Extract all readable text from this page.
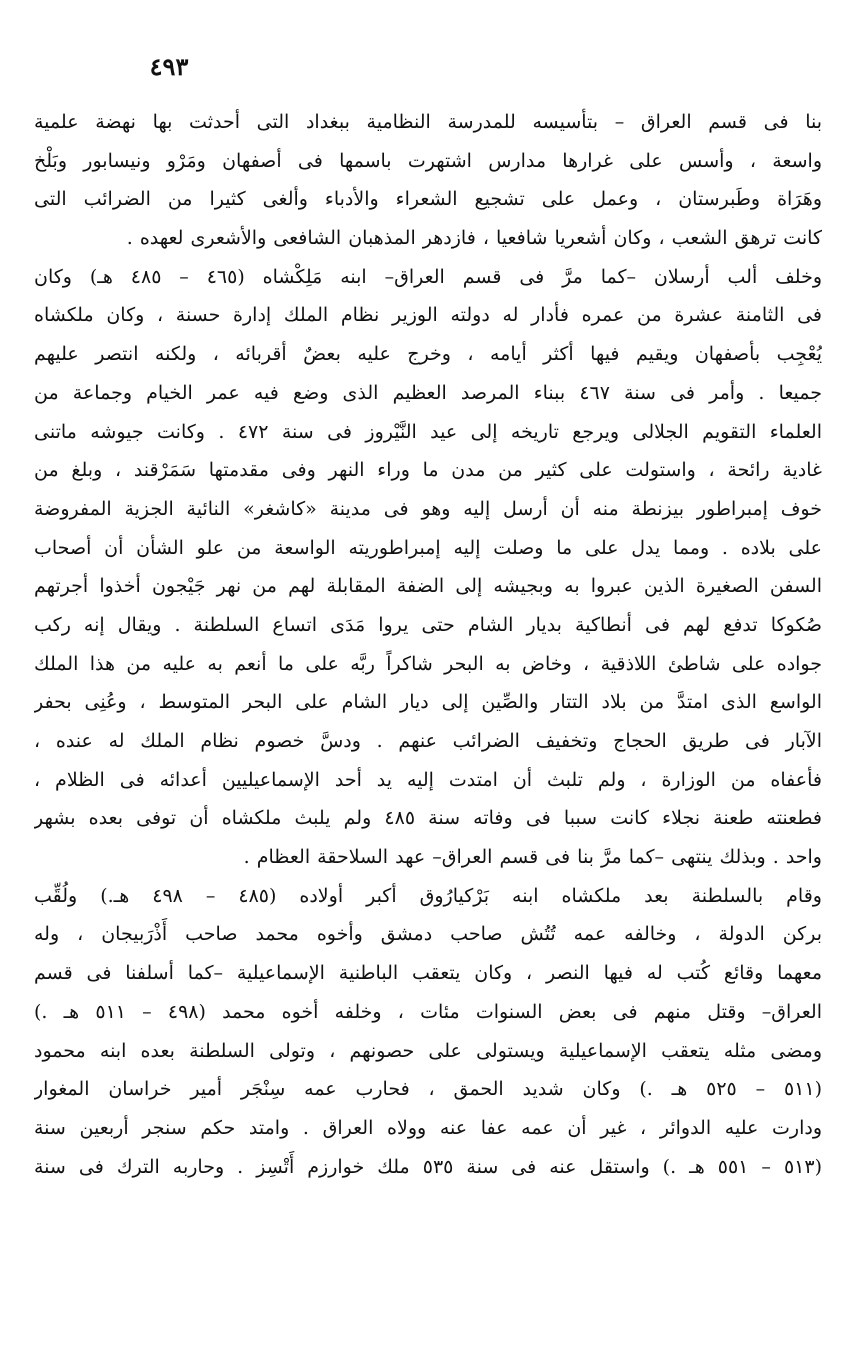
٤٩٣
بنا فى قسم العراق – بتأسيسه للمدرسة النظامية ببغداد التى أحدثت بها نهضة علمية
واسعة ، وأسس على غرارها مدارس اشتهرت باسمها فى أصفهان ومَرْو ونيسابور وبَلْخ
وهَرَاة وطَبرستان ، وعمل على تشجيع الشعراء والأدباء وألغى كثيرا من الضرائب التى
كانت ترهق الشعب ، وكان أشعريا شافعيا ، فازدهر المذهبان الشافعى والأشعرى لعهده .
وخلف ألب أرسلان –كما مرَّ فى قسم العراق– ابنه مَلِكْشاه (٤٦٥ – ٤٨٥ هـ) وكان
فى الثامنة عشرة من عمره فأدار له دولته الوزير نظام الملك إدارة حسنة ، وكان ملكشاه
يُعْجِب بأصفهان ويقيم فيها أكثر أيامه ، وخرج عليه بعضٌ أقربائه ، ولكنه انتصر عليهم
جميعا . وأمر فى سنة ٤٦٧ ببناء المرصد العظيم الذى وضع فيه عمر الخيام وجماعة من
العلماء التقويم الجلالى ويرجع تاريخه إلى عيد النَّيْروز فى سنة ٤٧٢ . وكانت جيوشه ماتنى
غادية رائحة ، واستولت على كثير من مدن ما وراء النهر وفى مقدمتها سَمَرْقند ، وبلغ من
خوف إمبراطور بيزنطة منه أن أرسل إليه وهو فى مدينة «كاشغر» النائية الجزية المفروضة
على بلاده . ومما يدل على ما وصلت إليه إمبراطوريته الواسعة من علو الشأن أن أصحاب
السفن الصغيرة الذين عبروا به وبجيشه إلى الضفة المقابلة لهم من نهر جَيْجون أخذوا أجرتهم
صُكوكا تدفع لهم فى أنطاكية بديار الشام حتى يروا مَدَى اتساع السلطنة . ويقال إنه ركب
جواده على شاطئ اللاذقية ، وخاض به البحر شاكراً ربَّه على ما أنعم به عليه من هذا الملك
الواسع الذى امتدَّ من بلاد التتار والصِّين إلى ديار الشام على البحر المتوسط ، وعُنِى بحفر
الآبار فى طريق الحجاج وتخفيف الضرائب عنهم . ودسَّ خصوم نظام الملك له عنده ،
فأعفاه من الوزارة ، ولم تلبث أن امتدت إليه يد أحد الإسماعيليين أعدائه فى الظلام ،
فطعنته طعنة نجلاء كانت سببا فى وفاته سنة ٤٨٥ ولم يلبث ملكشاه أن توفى بعده بشهر
واحد . وبذلك ينتهى –كما مرَّ بنا فى قسم العراق– عهد السلاحقة العظام .
وقام بالسلطنة بعد ملكشاه ابنه بَرْكيارُوق أكبر أولاده (٤٨٥ – ٤٩٨ هـ.) ولُقِّب
بركن الدولة ، وخالفه عمه تُتُش صاحب دمشق وأخوه محمد صاحب أَذْرَبيجان ، وله
معهما وقائع كُتب له فيها النصر ، وكان يتعقب الباطنية الإسماعيلية –كما أسلفنا فى قسم
العراق– وقتل منهم فى بعض السنوات مئات ، وخلفه أخوه محمد (٤٩٨ – ٥١١ هـ .)
ومضى مثله يتعقب الإسماعيلية ويستولى على حصونهم ، وتولى السلطنة بعده ابنه محمود
(٥١١ – ٥٢٥ هـ .) وكان شديد الحمق ، فحارب عمه سِنْجَر أمير خراسان المغوار
ودارت عليه الدوائر ، غير أن عمه عفا عنه وولاه العراق . وامتد حكم سنجر أربعين سنة
(٥١٣ – ٥٥١ هـ .) واستقل عنه فى سنة ٥٣٥ ملك خوارزم أَتْسِز . وحاربه الترك فى سنة
